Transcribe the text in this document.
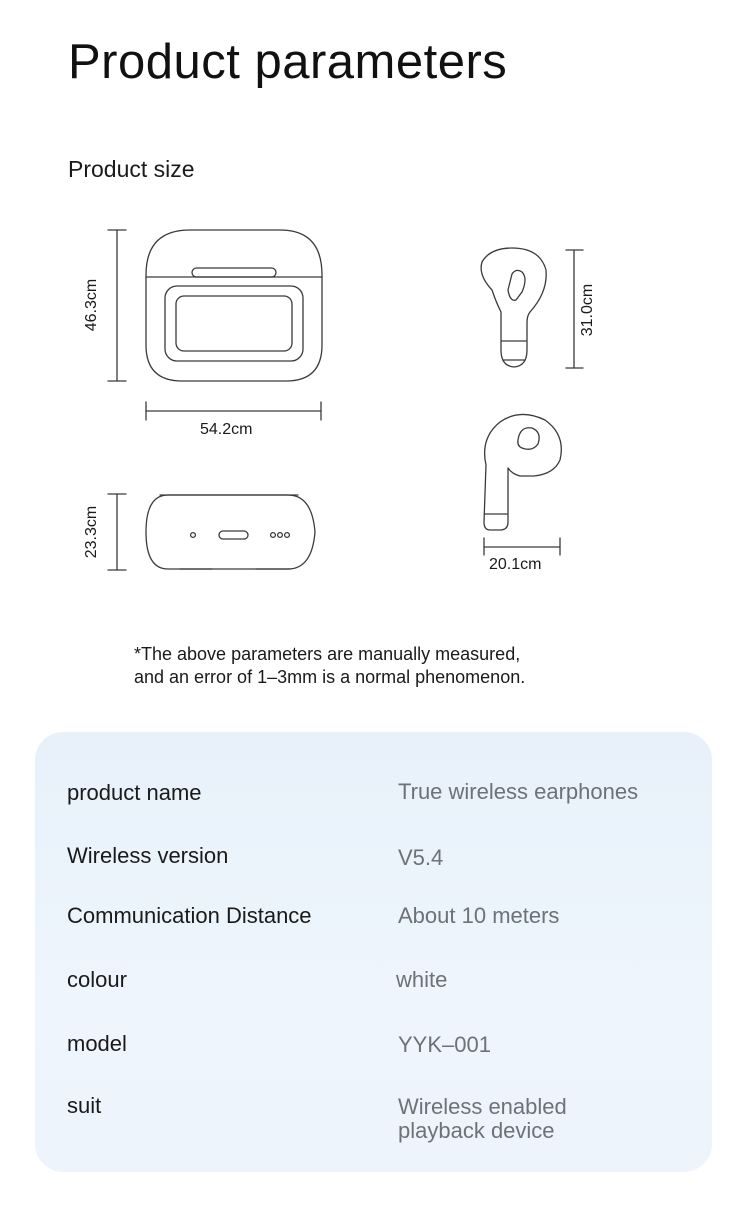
Product parameters
Product size
46.3cm
54.2cm
23.3cm
31.0cm
20.1cm
*The above parameters are manually measured,
and an error of 1–3mm is a normal phenomenon.
product name	True wireless earphones
Wireless version	V5.4
Communication Distance	About 10 meters
colour	white
model	YYK–001
suit	Wireless enabled
playback device
